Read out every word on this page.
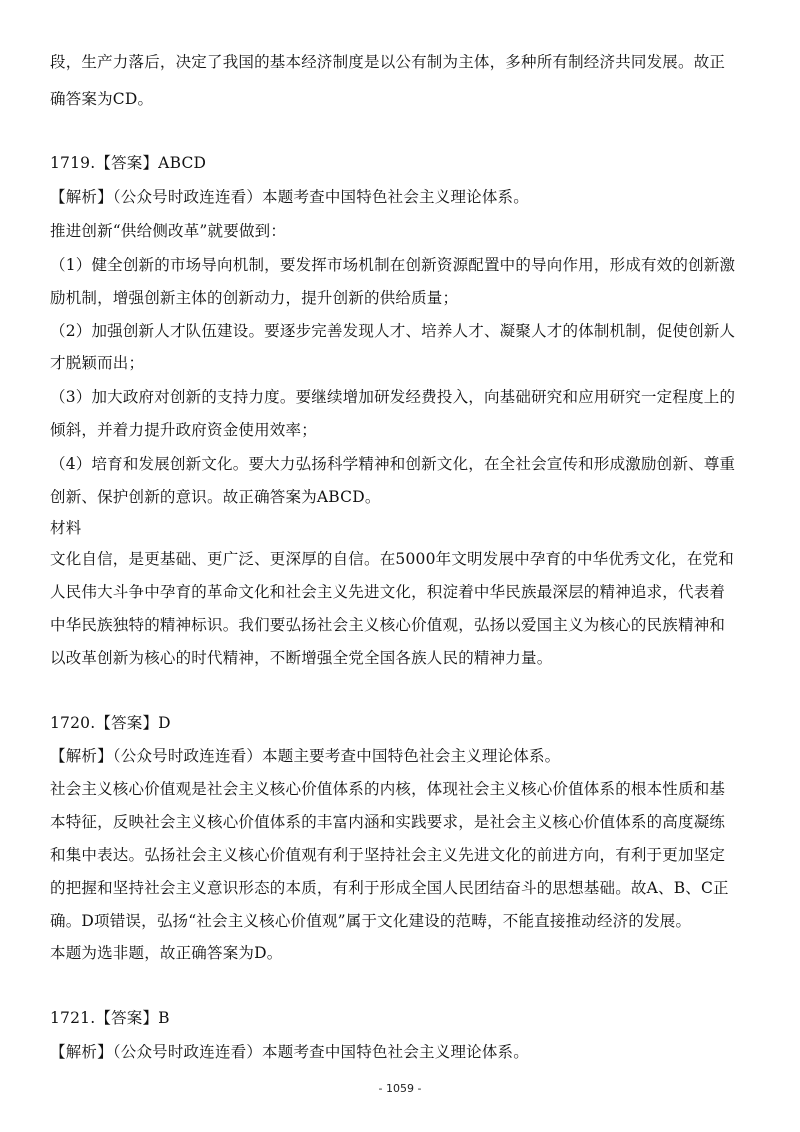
段，生产力落后，决定了我国的基本经济制度是以公有制为主体，多种所有制经济共同发展。故正
确答案为CD。
1719.【答案】ABCD
【解析】（公众号时政连连看）本题考查中国特色社会主义理论体系。
推进创新“供给侧改革”就要做到：
（1）健全创新的市场导向机制，要发挥市场机制在创新资源配置中的导向作用，形成有效的创新激
励机制，增强创新主体的创新动力，提升创新的供给质量；
（2）加强创新人才队伍建设。要逐步完善发现人才、培养人才、凝聚人才的体制机制，促使创新人
才脱颖而出；
（3）加大政府对创新的支持力度。要继续增加研发经费投入，向基础研究和应用研究一定程度上的
倾斜，并着力提升政府资金使用效率；
（4）培育和发展创新文化。要大力弘扬科学精神和创新文化，在全社会宣传和形成激励创新、尊重
创新、保护创新的意识。故正确答案为ABCD。
材料
文化自信，是更基础、更广泛、更深厚的自信。在5000年文明发展中孕育的中华优秀文化，在党和
人民伟大斗争中孕育的革命文化和社会主义先进文化，积淀着中华民族最深层的精神追求，代表着
中华民族独特的精神标识。我们要弘扬社会主义核心价值观，弘扬以爱国主义为核心的民族精神和
以改革创新为核心的时代精神，不断增强全党全国各族人民的精神力量。
1720.【答案】D
【解析】（公众号时政连连看）本题主要考查中国特色社会主义理论体系。
社会主义核心价值观是社会主义核心价值体系的内核，体现社会主义核心价值体系的根本性质和基
本特征，反映社会主义核心价值体系的丰富内涵和实践要求，是社会主义核心价值体系的高度凝练
和集中表达。弘扬社会主义核心价值观有利于坚持社会主义先进文化的前进方向，有利于更加坚定
的把握和坚持社会主义意识形态的本质，有利于形成全国人民团结奋斗的思想基础。故A、B、C正
确。D项错误，弘扬“社会主义核心价值观”属于文化建设的范畴，不能直接推动经济的发展。
本题为选非题，故正确答案为D。
1721.【答案】B
【解析】（公众号时政连连看）本题考查中国特色社会主义理论体系。
- 1059 -
